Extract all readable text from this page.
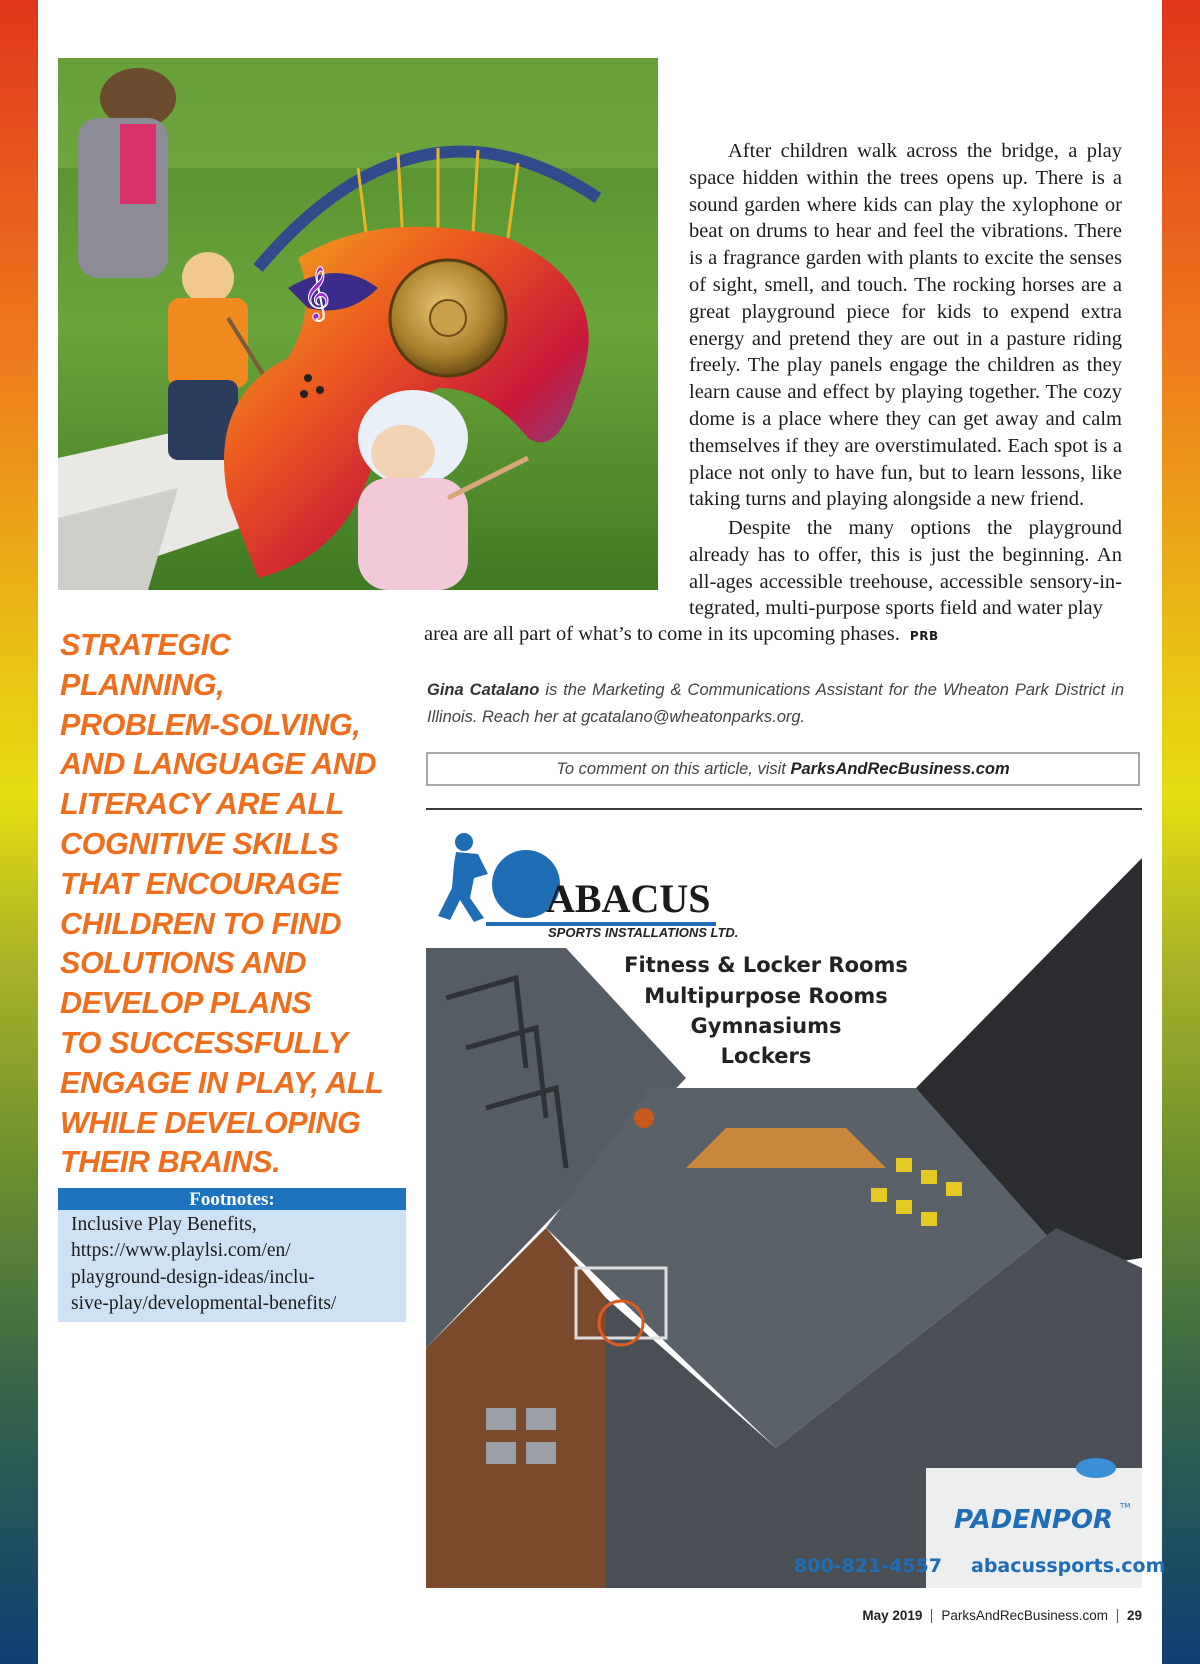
𝄞

After children walk across the bridge, a play space hidden within the trees opens up. There is a sound garden where kids can play the xylophone or beat on drums to hear and feel the vibrations. There is a fragrance garden with plants to excite the senses of sight, smell, and touch. The rocking horses are a great playground piece for kids to expend extra energy and pretend they are out in a pasture riding freely. The play panels engage the children as they learn cause and effect by playing together. The cozy dome is a place where they can get away and calm themselves if they are overstimulated. Each spot is a place not only to have fun, but to learn lessons, like taking turns and playing alongside a new friend.

Despite the many options the playground already has to offer, this is just the beginning. An all-ages accessible treehouse, accessible sensory-in-tegrated, multi-purpose sports field and water play

area are all part of what’s to come in its upcoming phases. PRB

STRATEGIC PLANNING,
PROBLEM-SOLVING,
AND LANGUAGE AND
LITERACY ARE ALL
COGNITIVE SKILLS
THAT ENCOURAGE
CHILDREN TO FIND
SOLUTIONS AND
DEVELOP PLANS
TO SUCCESSFULLY
ENGAGE IN PLAY, ALL
WHILE DEVELOPING
THEIR BRAINS.
Footnotes:
Inclusive Play Benefits,
https://www.playlsi.com/en/
playground-design-ideas/inclu-
sive-play/developmental-benefits/
Gina Catalano is the Marketing & Communications Assistant for the Wheaton Park District in Illinois. Reach her at gcatalano@wheatonparks.org.
To comment on this article, visit ParksAndRecBusiness.com
ABACUS
SPORTS INSTALLATIONS LTD.
Fitness & Locker Rooms
Multipurpose Rooms
Gymnasiums
Lockers
PADENPOR TM
800-821-4557 abacussports.com
May 2019 ParksAndRecBusiness.com 29
